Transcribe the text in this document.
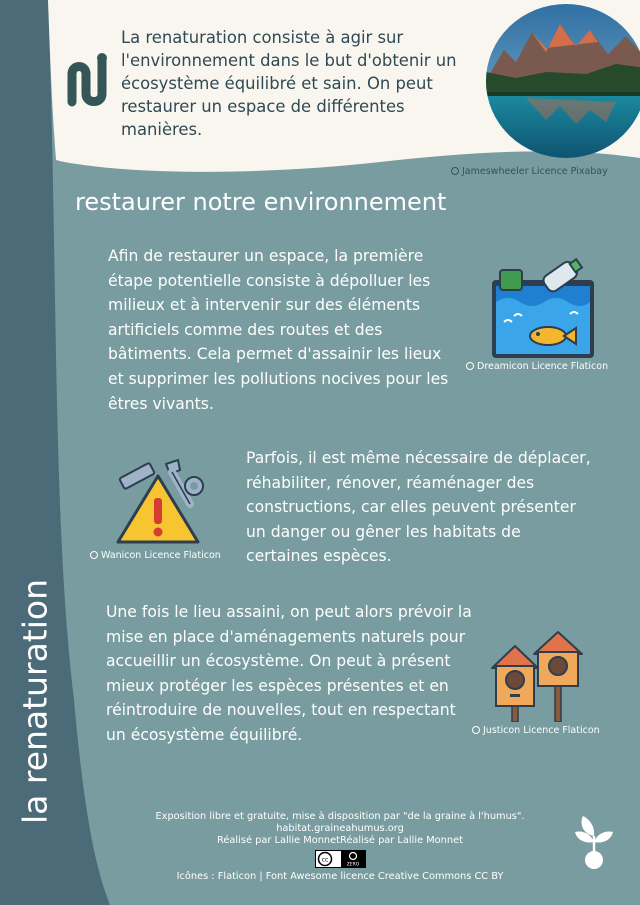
La renaturation consiste à agir sur l'environnement dans le but d'obtenir un écosystème équilibré et sain. On peut restaurer un espace de différentes manières.
Jameswheeler Licence Pixabay
restaurer notre environnement
Afin de restaurer un espace, la première étape potentielle consiste à dépolluer les milieux et à intervenir sur des éléments artificiels comme des routes et des bâtiments. Cela permet d'assainir les lieux et supprimer les pollutions nocives pour les êtres vivants.
Dreamicon Licence Flaticon
Wanicon Licence Flaticon
Parfois, il est même nécessaire de déplacer, réhabiliter, rénover, réaménager des constructions, car elles peuvent présenter un danger ou gêner les habitats de certaines espèces.
Une fois le lieu assaini, on peut alors prévoir la mise en place d'aménagements naturels pour accueillir un écosystème. On peut à présent mieux protéger les espèces présentes et en réintroduire de nouvelles, tout en respectant un écosystème équilibré.	Justicon Licence Flaticon
la renaturation	Exposition libre et gratuite, mise à disposition par "de la graine à l'humus".
habitat.graineahumus.org
Réalisé par Lallie MonnetRéalisé par Lallie Monnet
cc
ZERO
Icônes : Flaticon | Font Awesome licence Creative Commons CC BY
